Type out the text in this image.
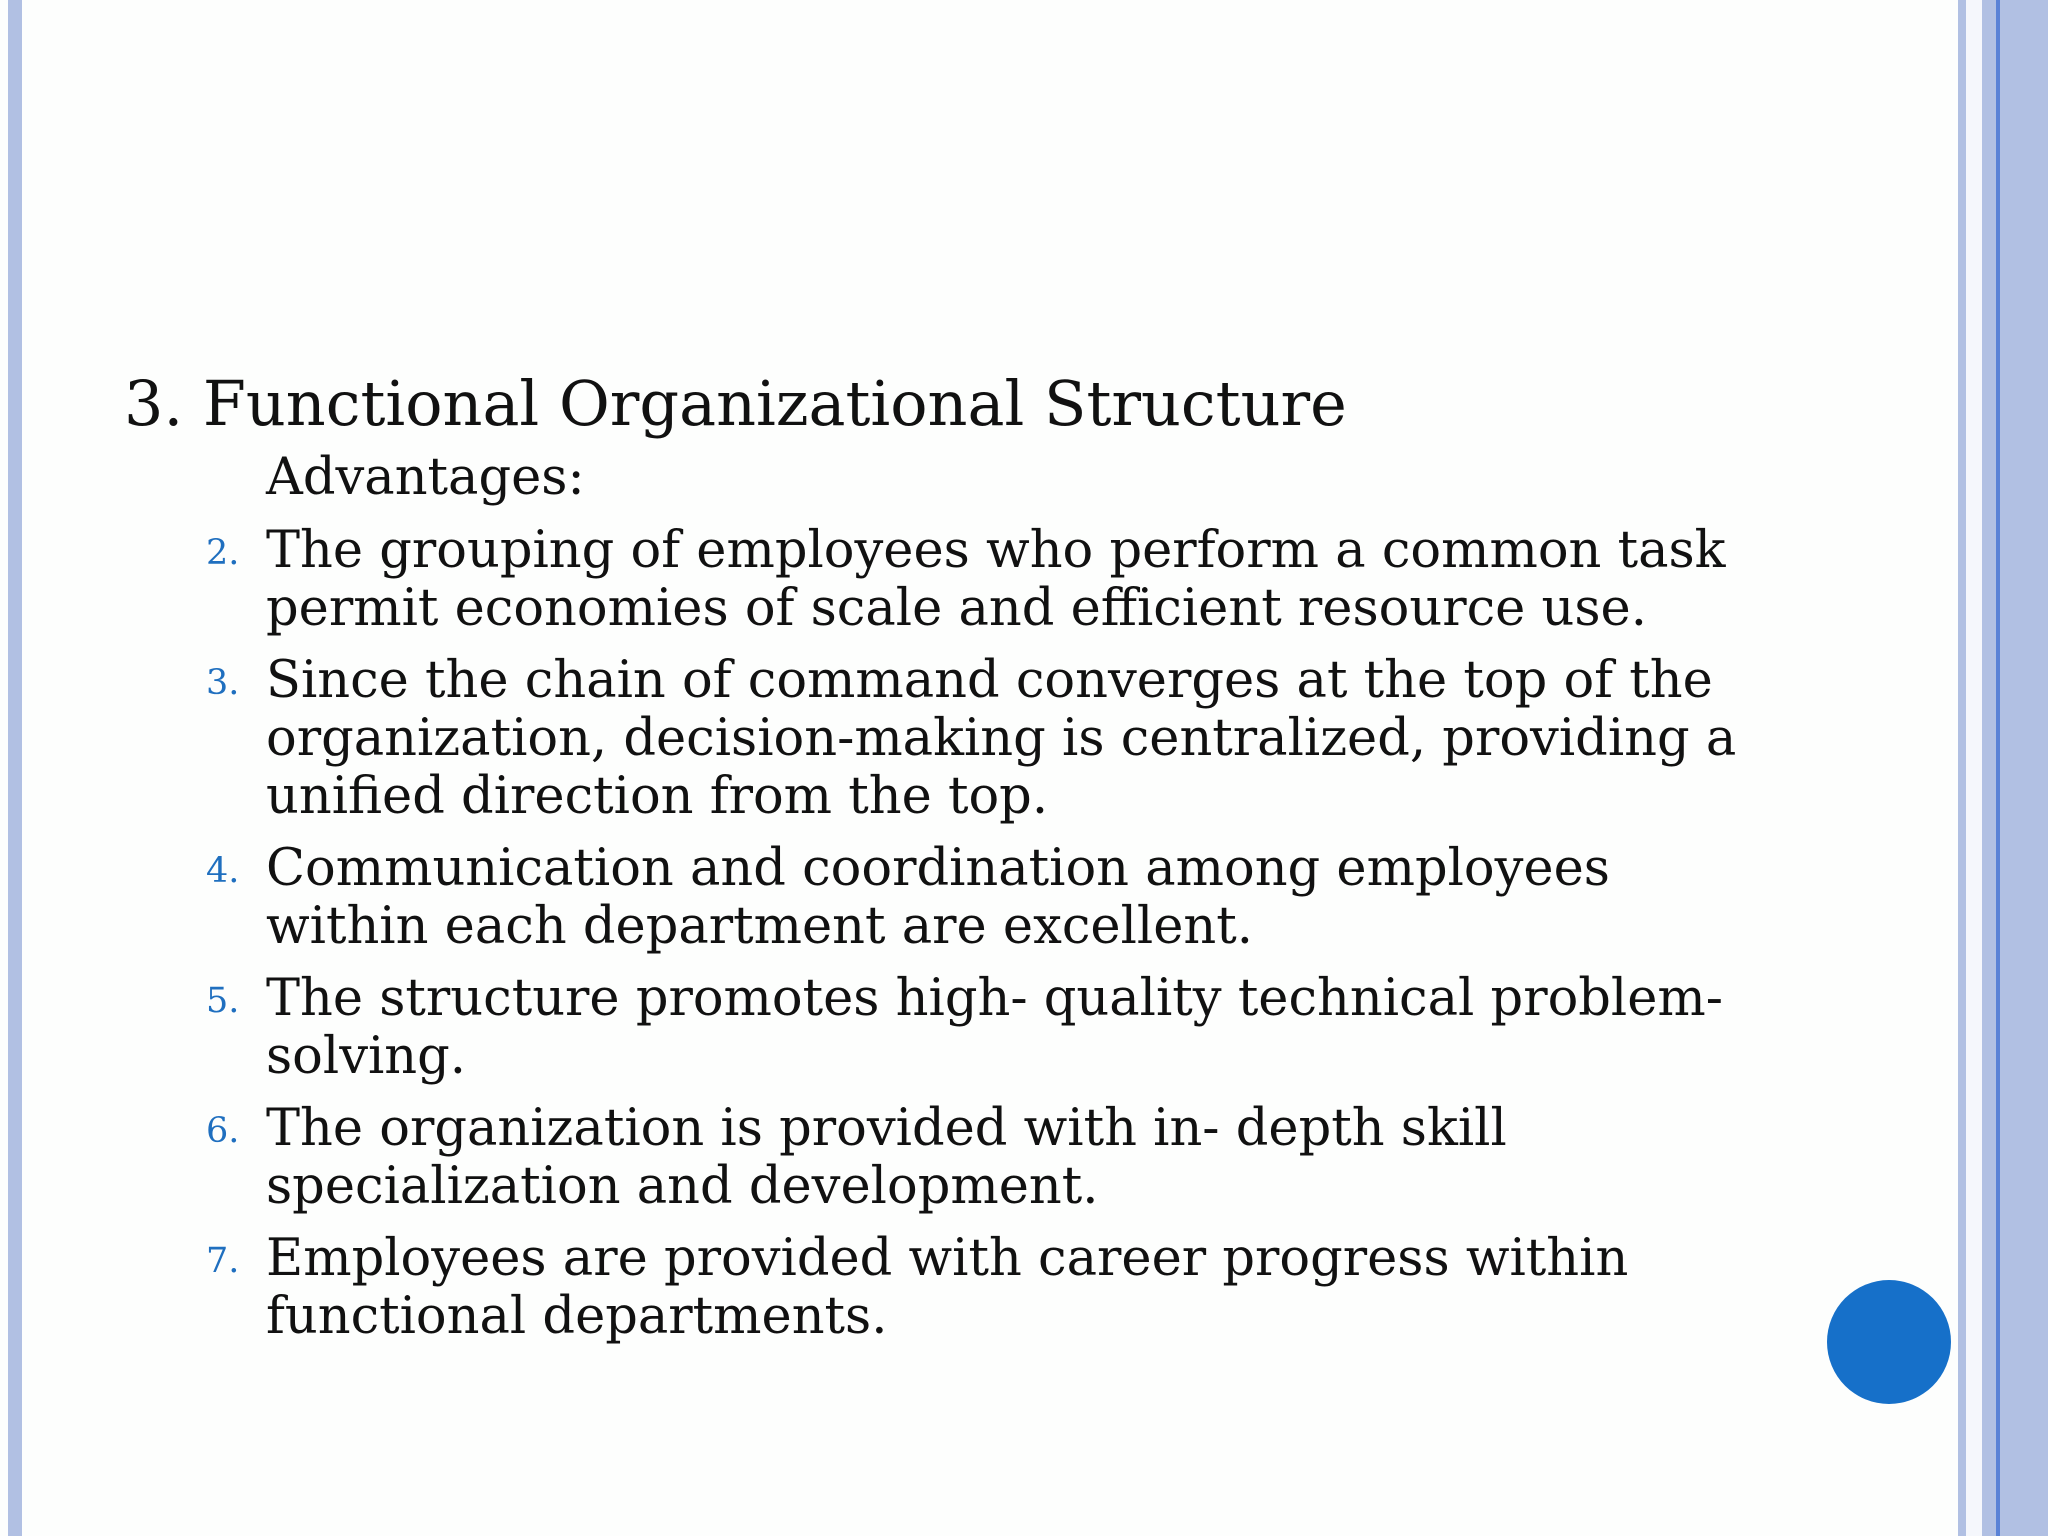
3. Functional Organizational Structure
Advantages:
2. The grouping of employees who perform a common task permit economies of scale and efficient resource use.
3. Since the chain of command converges at the top of the organization, decision-making is centralized, providing a unified direction from the top.
4. Communication and coordination among employees within each department are excellent.
5. The structure promotes high- quality technical problem-solving.
6. The organization is provided with in- depth skill specialization and development.
7. Employees are provided with career progress within functional departments.
